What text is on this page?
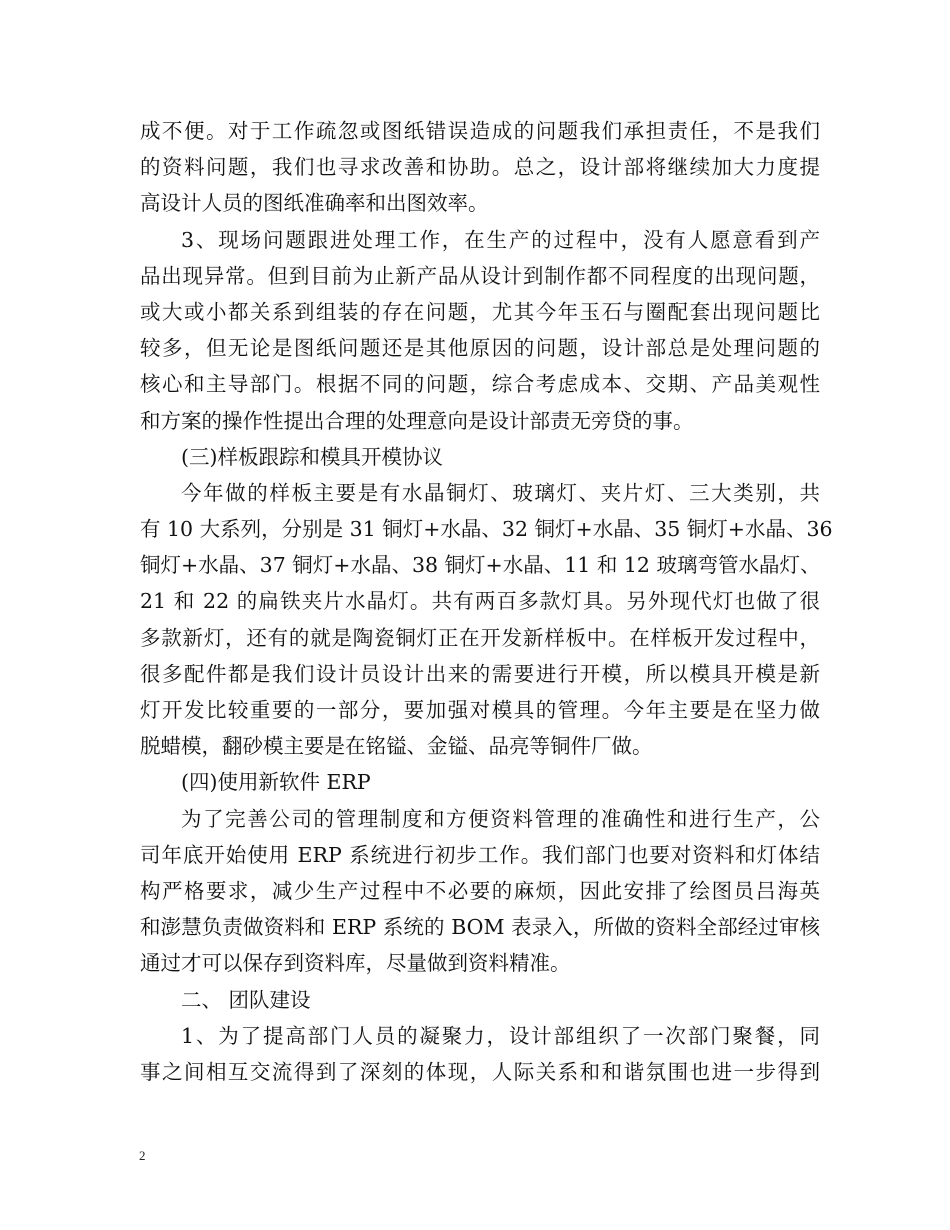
成不便。对于工作疏忽或图纸错误造成的问题我们承担责任，不是我们
的资料问题，我们也寻求改善和协助。总之，设计部将继续加大力度提
高设计人员的图纸准确率和出图效率。
3、现场问题跟进处理工作，在生产的过程中，没有人愿意看到产
品出现异常。但到目前为止新产品从设计到制作都不同程度的出现问题，
或大或小都关系到组装的存在问题，尤其今年玉石与圈配套出现问题比
较多，但无论是图纸问题还是其他原因的问题，设计部总是处理问题的
核心和主导部门。根据不同的问题，综合考虑成本、交期、产品美观性
和方案的操作性提出合理的处理意向是设计部责无旁贷的事。
(三)样板跟踪和模具开模协议
今年做的样板主要是有水晶铜灯、玻璃灯、夹片灯、三大类别，共
有 10 大系列，分别是 31 铜灯+水晶、32 铜灯+水晶、35 铜灯+水晶、36
铜灯+水晶、37 铜灯+水晶、38 铜灯+水晶、11 和 12 玻璃弯管水晶灯、
21 和 22 的扁铁夹片水晶灯。共有两百多款灯具。另外现代灯也做了很
多款新灯，还有的就是陶瓷铜灯正在开发新样板中。在样板开发过程中，
很多配件都是我们设计员设计出来的需要进行开模，所以模具开模是新
灯开发比较重要的一部分，要加强对模具的管理。今年主要是在坚力做
脱蜡模，翻砂模主要是在铭镒、金镒、品亮等铜件厂做。
(四)使用新软件 ERP
为了完善公司的管理制度和方便资料管理的准确性和进行生产，公
司年底开始使用 ERP 系统进行初步工作。我们部门也要对资料和灯体结
构严格要求，减少生产过程中不必要的麻烦，因此安排了绘图员吕海英
和澎慧负责做资料和 ERP 系统的 BOM 表录入，所做的资料全部经过审核
通过才可以保存到资料库，尽量做到资料精准。
二、 团队建设
1、为了提高部门人员的凝聚力，设计部组织了一次部门聚餐，同
事之间相互交流得到了深刻的体现，人际关系和和谐氛围也进一步得到
2
